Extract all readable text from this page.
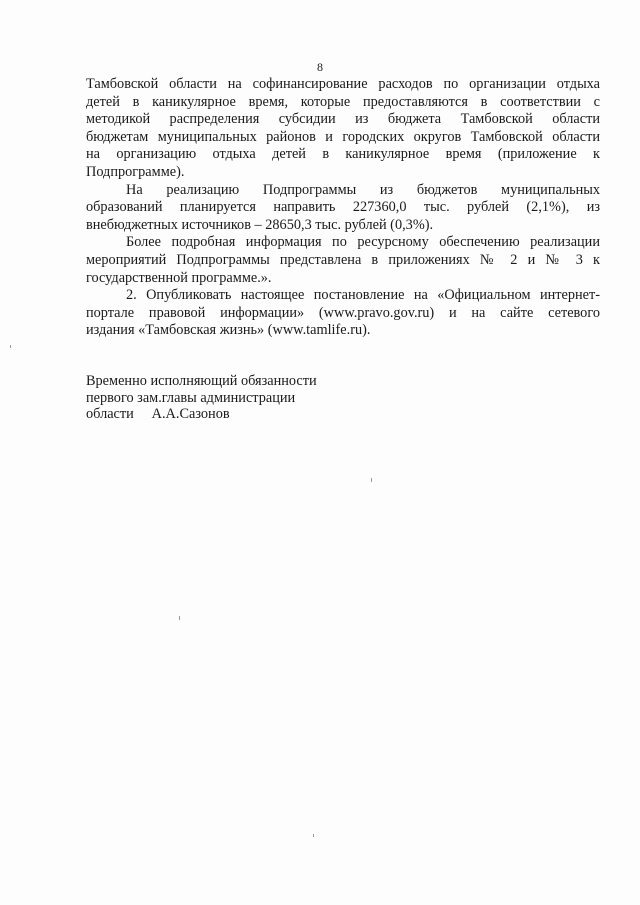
8

Тамбовской области на софинансирование расходов по организации отдыха
детей в каникулярное время, которые предоставляются в соответствии с
методикой распределения субсидии из бюджета Тамбовской области
бюджетам муниципальных районов и городских округов Тамбовской области
на организацию отдыха детей в каникулярное время (приложение к
Подпрограмме).

На реализацию Подпрограммы из бюджетов муниципальных
образований планируется направить 227360,0 тыс. рублей (2,1%), из
внебюджетных источников – 28650,3 тыс. рублей (0,3%).

Более подробная информация по ресурсному обеспечению реализации
мероприятий Подпрограммы представлена в приложениях № 2 и № 3 к
государственной программе.».

2. Опубликовать настоящее постановление на «Официальном интернет-
портале правовой информации» (www.pravo.gov.ru) и на сайте сетевого
издания «Тамбовская жизнь» (www.tamlife.ru).

Временно исполняющий обязанности
первого зам.главы администрации
области     А.А.Сазонов
